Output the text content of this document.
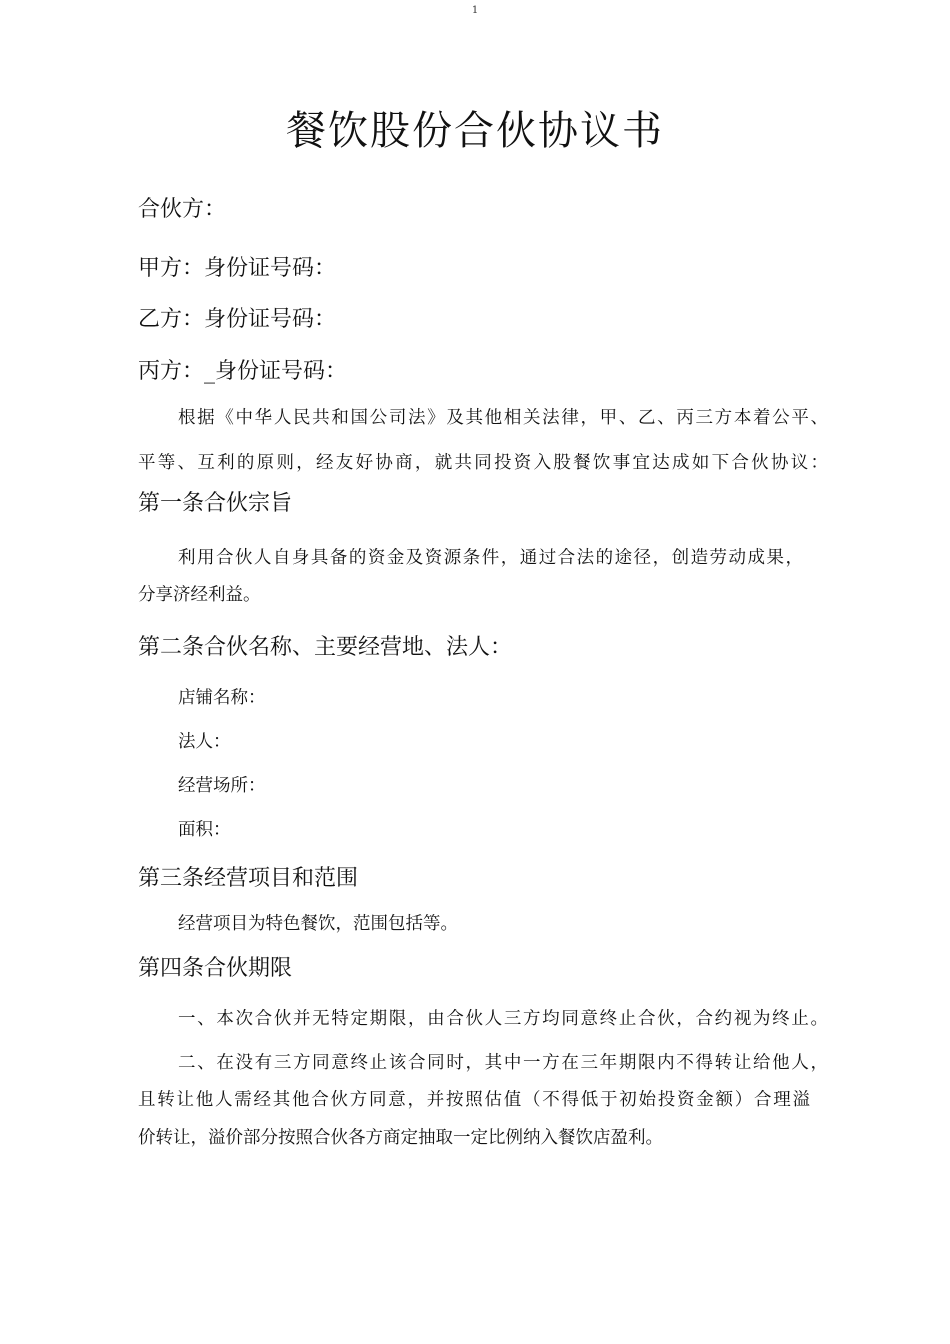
1
餐饮股份合伙协议书
合伙方：
甲方：身份证号码：
乙方：身份证号码：
丙方：_身份证号码：
根据《中华人民共和国公司法》及其他相关法律，甲、乙、丙三方本着公平、
平等、互利的原则，经友好协商，就共同投资入股餐饮事宜达成如下合伙协议：
第一条合伙宗旨
利用合伙人自身具备的资金及资源条件，通过合法的途径，创造劳动成果，
分享济经利益。
第二条合伙名称、主要经营地、法人：
店铺名称：
法人：
经营场所：
面积：
第三条经营项目和范围
经营项目为特色餐饮，范围包括等。
第四条合伙期限
一、本次合伙并无特定期限，由合伙人三方均同意终止合伙，合约视为终止。
二、在没有三方同意终止该合同时，其中一方在三年期限内不得转让给他人，
且转让他人需经其他合伙方同意，并按照估值（不得低于初始投资金额）合理溢
价转让，溢价部分按照合伙各方商定抽取一定比例纳入餐饮店盈利。
